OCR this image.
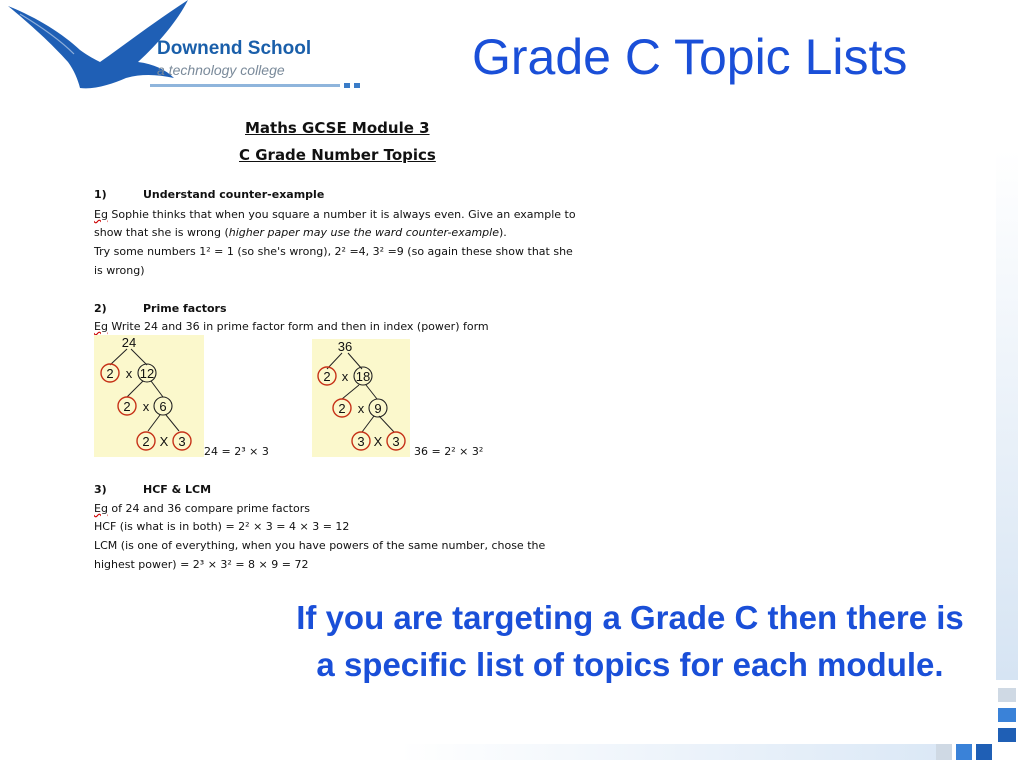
Downend School
a technology college	Grade C Topic Lists
Maths GCSE Module 3
C Grade Number Topics
1)	Understand counter-example
Eg Sophie thinks that when you square a number it is always even. Give an example to
show that she is wrong (higher paper may use the ward counter-example).
Try some numbers 1² = 1 (so she's wrong), 2² =4, 3² =9 (so again these show that she
is wrong)
2)	Prime factors
Eg Write 24 and 36 in prime factor form and then in index (power) form
24
2 x 12
2 x 6
2 X 3
24 = 2³ × 3
36
2 x 18
2 x 9
3 X 3
36 = 2² × 3²
3)	HCF & LCM
Eg of 24 and 36 compare prime factors
HCF (is what is in both) = 2² × 3 = 4 × 3 = 12
LCM (is one of everything, when you have powers of the same number, chose the
highest power) = 2³ × 3² = 8 × 9 = 72
If you are targeting a Grade C then there is a specific list of topics for each module.
